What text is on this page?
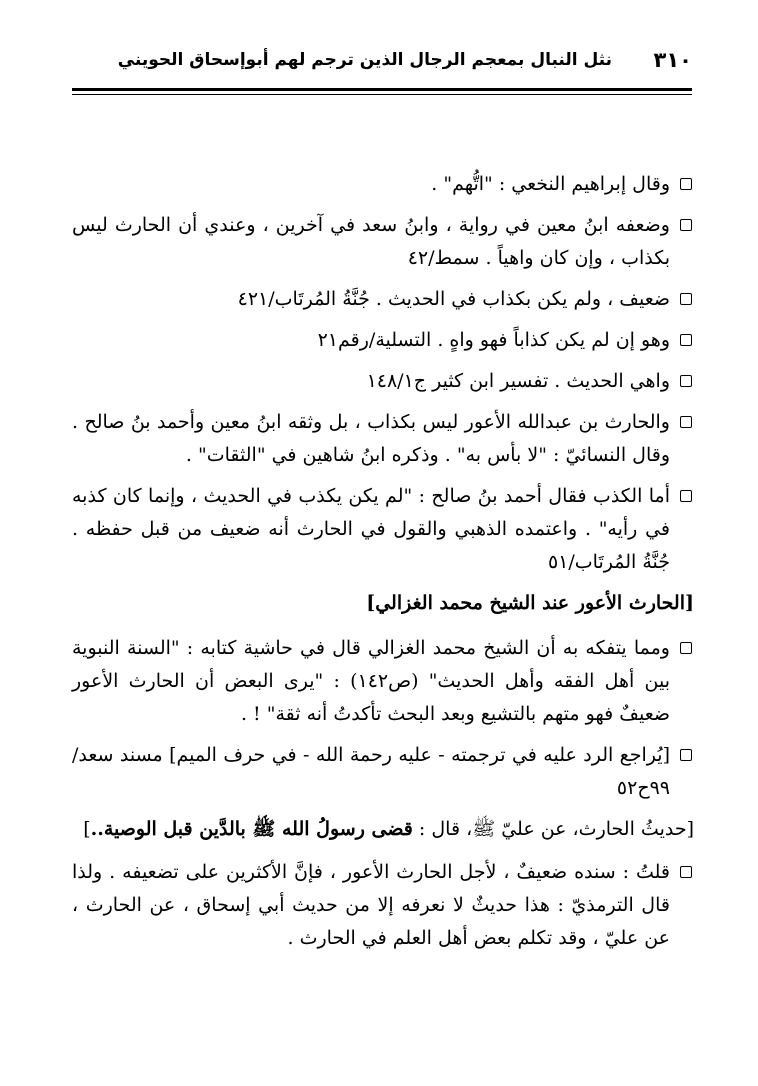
٣١٠
نثل النبال بمعجم الرجال الذين ترجم لهم أبوإسحاق الحويني
وقال إبراهيم النخعي : "اتُّهم" .
وضعفه ابنُ معين في رواية ، وابنُ سعد في آخرين ، وعندي أن الحارث ليس بكذاب ، وإن كان واهياً . سمط/٤٢
ضعيف ، ولم يكن بكذاب في الحديث . جُنَّةُ المُرتَاب/٤٢١
وهو إن لم يكن كذاباً فهو واهٍ . التسلية/رقم٢١
واهي الحديث . تفسير ابن كثير ج١٤٨/١
والحارث بن عبدالله الأعور ليس بكذاب ، بل وثقه ابنُ معين وأحمد بنُ صالح . وقال النسائيّ : "لا بأس به" . وذكره ابنُ شاهين في "الثقات" .
أما الكذب فقال أحمد بنُ صالح : "لم يكن يكذب في الحديث ، وإنما كان كذبه في رأيه" . واعتمده الذهبي والقول في الحارث أنه ضعيف من قبل حفظه . جُنَّةُ المُرتَاب/٥١
[الحارث الأعور عند الشيخ محمد الغزالي]
ومما يتفكه به أن الشيخ محمد الغزالي قال في حاشية كتابه : "السنة النبوية بين أهل الفقه وأهل الحديث" (ص١٤٢) : "يرى البعض أن الحارث الأعور ضعيفٌ فهو متهم بالتشيع وبعد البحث تأكدتُ أنه ثقة" ! .
[يُراجع الرد عليه في ترجمته - عليه رحمة الله - في حرف الميم] مسند سعد/٩٩ح٥٢
[حديثُ الحارث، عن عليّ ﷺ، قال : قضى رسولُ الله ﷺ بالدَّين قبل الوصية..]
قلتُ : سنده ضعيفٌ ، لأجل الحارث الأعور ، فإنَّ الأكثرين على تضعيفه . ولذا قال الترمذيّ : هذا حديثٌ لا نعرفه إلا من حديث أبي إسحاق ، عن الحارث ، عن عليّ ، وقد تكلم بعض أهل العلم في الحارث .
